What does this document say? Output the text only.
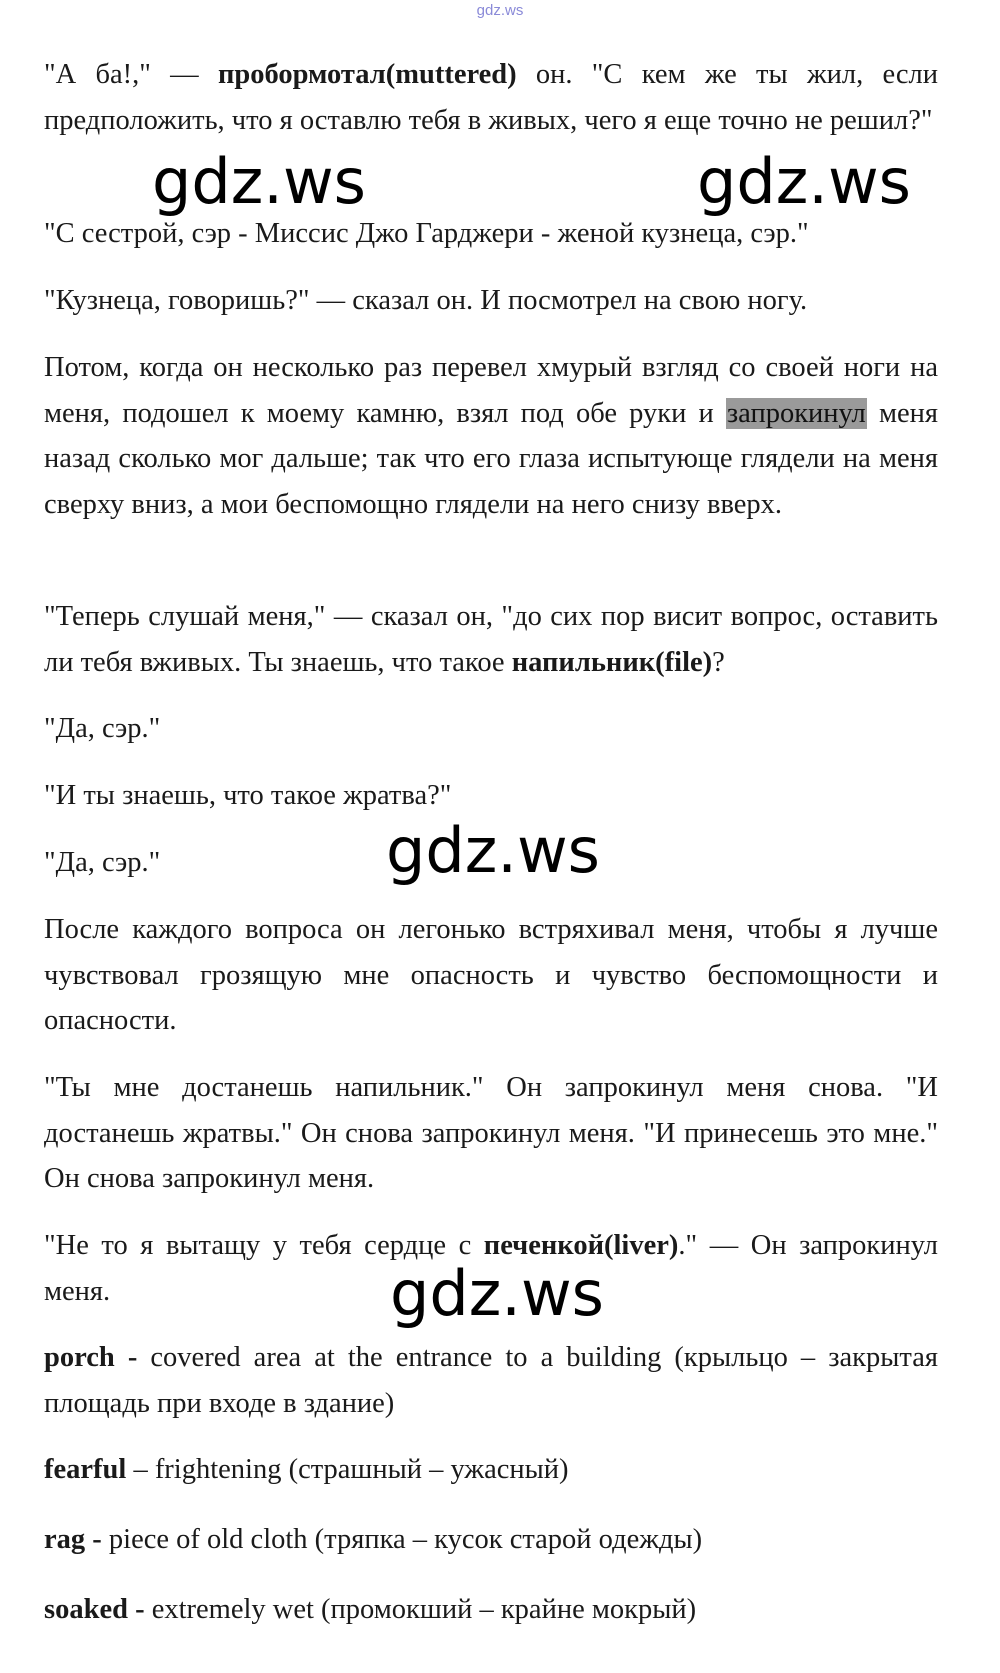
gdz.ws

"А ба!," — пробормотал(muttered) он. "С кем же ты жил, если предположить, что я оставлю тебя в живых, чего я еще точно не решил?"

"С сестрой, сэр - Миссис Джо Гарджери - женой кузнеца, сэр."

"Кузнеца, говоришь?" — сказал он. И посмотрел на свою ногу.

Потом, когда он несколько раз перевел хмурый взгляд со своей ноги на меня, подошел к моему камню, взял под обе руки и запрокинул меня назад сколько мог дальше; так что его глаза испытующе глядели на меня сверху вниз, а мои беспомощно глядели на него снизу вверх.

"Теперь слушай меня," — сказал он, "до сих пор висит вопрос, оставить ли тебя вживых. Ты знаешь, что такое напильник(file)?

"Да, сэр."

"И ты знаешь, что такое жратва?"

"Да, сэр."

После каждого вопроса он легонько встряхивал меня, чтобы я лучше чувствовал грозящую мне опасность и чувство беспомощности и опасности.

"Ты мне достанешь напильник." Он запрокинул меня снова. "И достанешь жратвы." Он снова запрокинул меня. "И принесешь это мне." Он снова запрокинул меня.

"Не то я вытащу у тебя сердце с печенкой(liver)." — Он запрокинул меня.

porch - covered area at the entrance to a building (крыльцо – закрытая площадь при входе в здание)

fearful – frightening (страшный – ужасный)

rag - piece of old cloth (тряпка – кусок старой одежды)

soaked - extremely wet (промокший – крайне мокрый)

gdz.ws	gdz.ws
gdz.ws
gdz.ws
